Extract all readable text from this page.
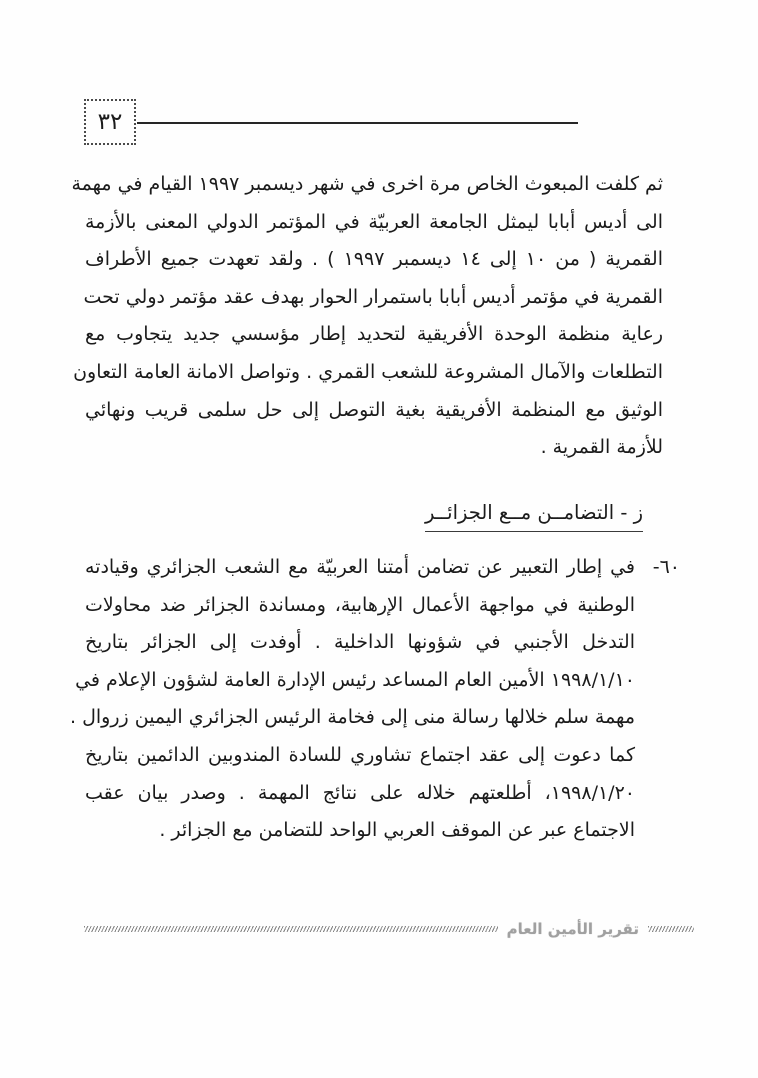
٣٢
ثم كلفت المبعوث الخاص مرة اخرى في شهر ديسمبر ١٩٩٧ القيام في مهمة
الى أديس أبابا ليمثل الجامعة العربيّة في المؤتمر الدولي المعنى بالأزمة
القمرية ( من ١٠ إلى ١٤ ديسمبر ١٩٩٧ ) . ولقد تعهدت جميع الأطراف
القمرية في مؤتمر أديس أبابا باستمرار الحوار بهدف عقد مؤتمر دولي تحت
رعاية منظمة الوحدة الأفريقية لتحديد إطار مؤسسي جديد يتجاوب مع
التطلعات والآمال المشروعة للشعب القمري . وتواصل الامانة العامة التعاون
الوثيق مع المنظمة الأفريقية بغية التوصل إلى حل سلمى قريب ونهائي
للأزمة القمرية .
ز - التضامــن مــع الجزائــر
٦٠-
في إطار التعبير عن تضامن أمتنا العربيّة مع الشعب الجزائري وقيادته
الوطنية في مواجهة الأعمال الإرهابية، ومساندة الجزائر ضد محاولات
التدخل الأجنبي في شؤونها الداخلية . أوفدت إلى الجزائر بتاريخ
١٩٩٨/١/١٠ الأمين العام المساعد رئيس الإدارة العامة لشؤون الإعلام في
مهمة سلم خلالها رسالة منى إلى فخامة الرئيس الجزائري اليمين زروال .
كما دعوت إلى عقد اجتماع تشاوري للسادة المندوبين الدائمين بتاريخ
١٩٩٨/١/٢٠، أطلعتهم خلاله على نتائج المهمة . وصدر بيان عقب
الاجتماع عبر عن الموقف العربي الواحد للتضامن مع الجزائر .
تقرير الأمين العام
